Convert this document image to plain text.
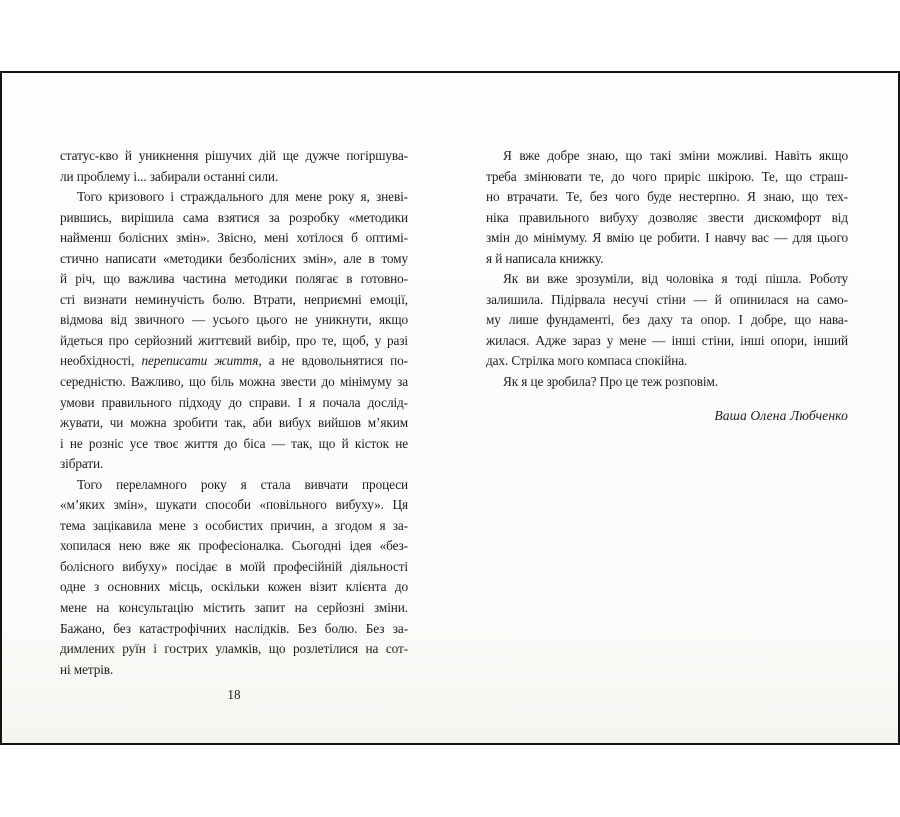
статус-кво й уникнення рішучих дій ще дужче погіршува-
ли проблему і... забирали останні сили.
Того кризового і страждального для мене року я, зневі-
рившись, вирішила сама взятися за розробку «методики
найменш болісних змін». Звісно, мені хотілося б оптимі-
стично написати «методики безболісних змін», але в тому
й річ, що важлива частина методики полягає в готовно-
сті визнати неминучість болю. Втрати, неприємні емоції,
відмова від звичного — усього цього не уникнути, якщо
йдеться про серйозний життєвий вибір, про те, щоб, у разі
необхідності, переписати життя, а не вдовольнятися по-
середністю. Важливо, що біль можна звести до мінімуму за
умови правильного підходу до справи. І я почала дослід-
жувати, чи можна зробити так, аби вибух вийшов м’яким
і не розніс усе твоє життя до біса — так, що й кісток не
зібрати.
Того переламного року я стала вивчати процеси
«м’яких змін», шукати способи «повільного вибуху». Ця
тема зацікавила мене з особистих причин, а згодом я за-
хопилася нею вже як професіоналка. Сьогодні ідея «без-
болісного вибуху» посідає в моїй професійній діяльності
одне з основних місць, оскільки кожен візит клієнта до
мене на консультацію містить запит на серйозні зміни.
Бажано, без катастрофічних наслідків. Без болю. Без за-
димлених руїн і гострих уламків, що розлетілися на сот-
ні метрів.
18
Я вже добре знаю, що такі зміни можливі. Навіть якщо
треба змінювати те, до чого приріс шкірою. Те, що страш-
но втрачати. Те, без чого буде нестерпно. Я знаю, що тех-
ніка правильного вибуху дозволяє звести дискомфорт від
змін до мінімуму. Я вмію це робити. І навчу вас — для цього
я й написала книжку.
Як ви вже зрозуміли, від чоловіка я тоді пішла. Роботу
залишила. Підірвала несучі стіни — й опинилася на само-
му лише фундаменті, без даху та опор. І добре, що нава-
жилася. Адже зараз у мене — інші стіни, інші опори, інший
дах. Стрілка мого компаса спокійна.
Як я це зробила? Про це теж розповім.
Ваша Олена Любченко
